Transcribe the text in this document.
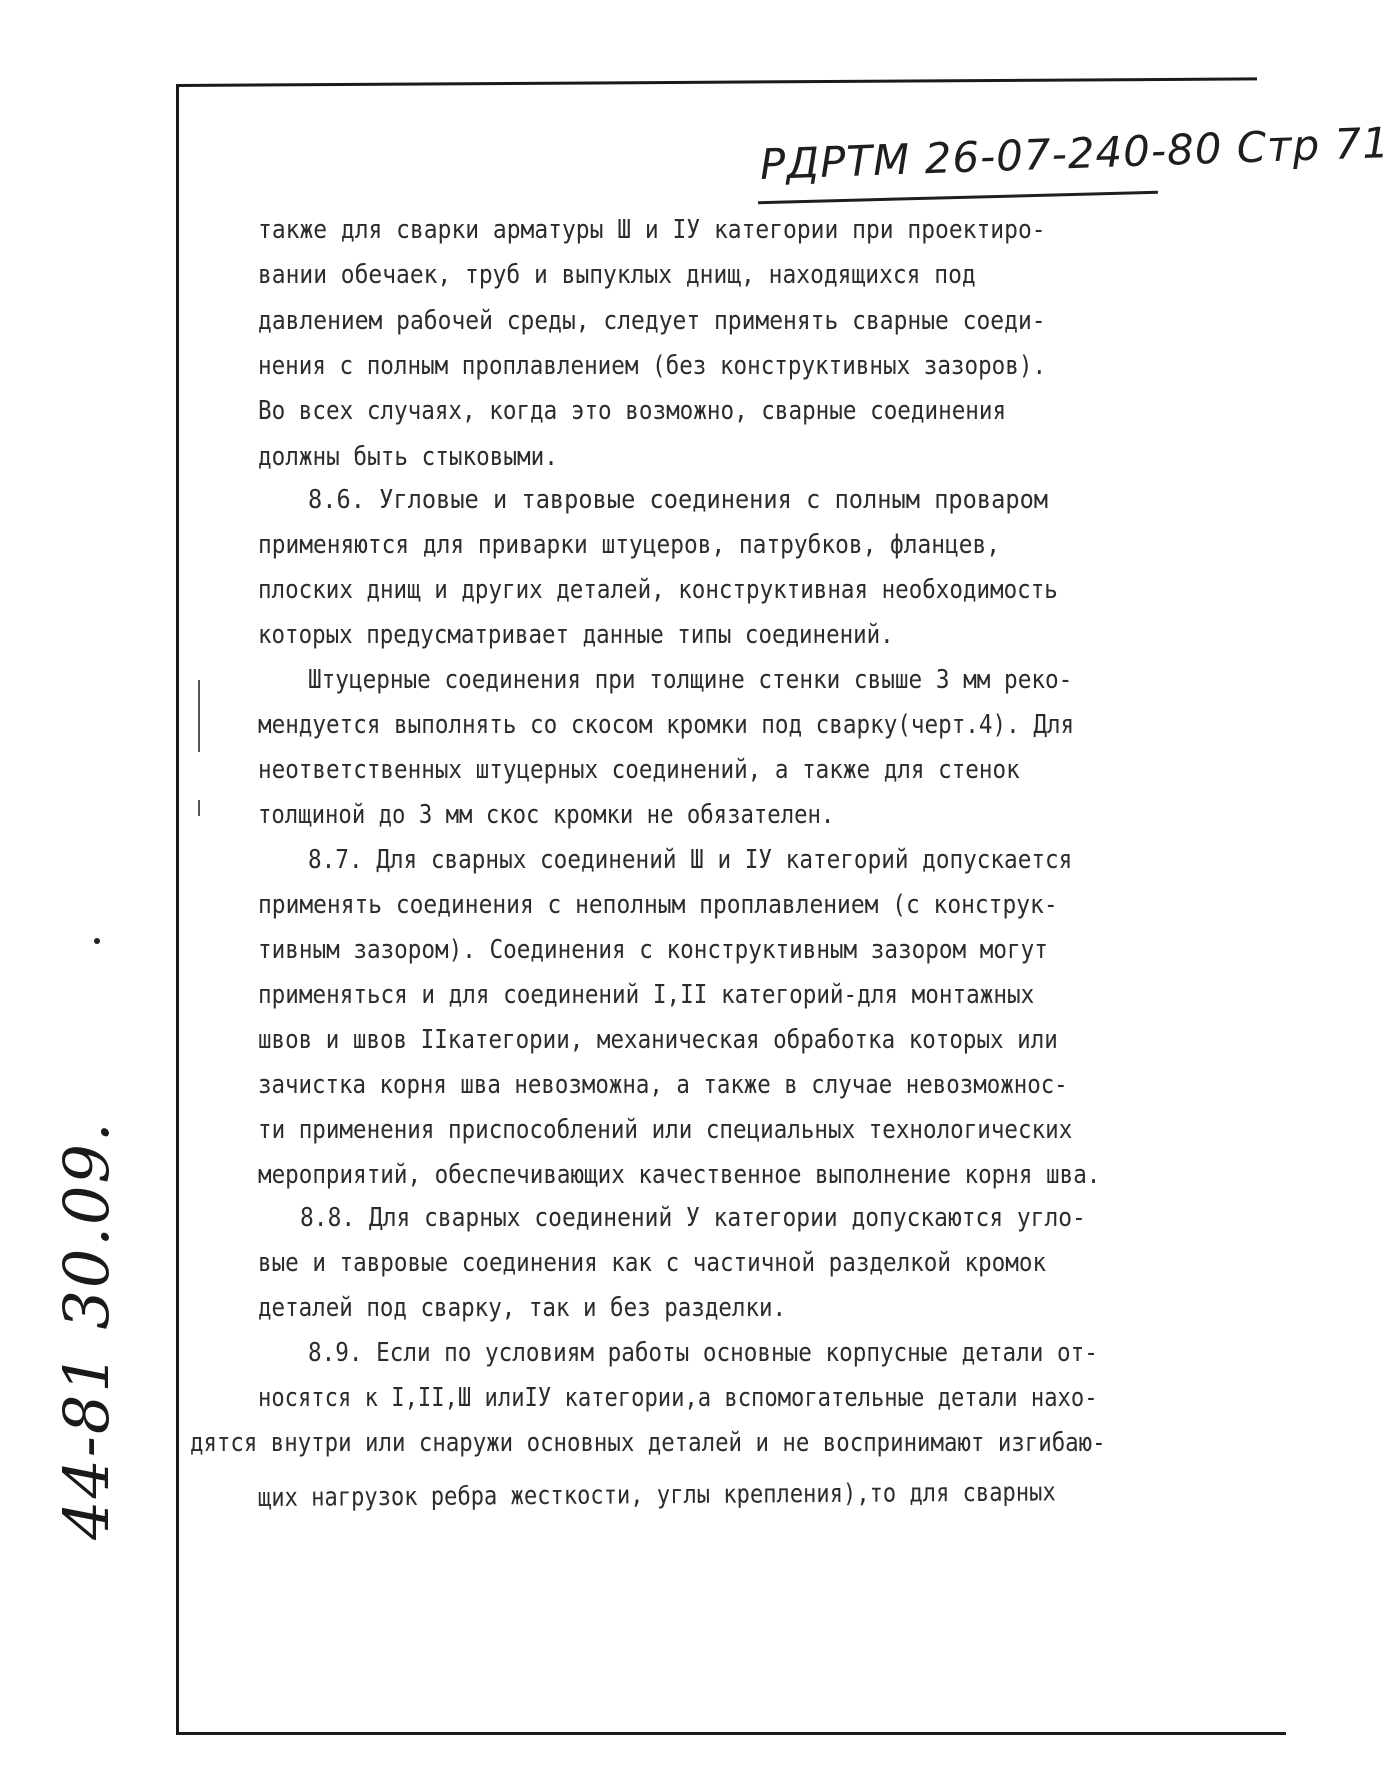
РДРТМ 26-07-240-80 Стр 71
44-81 30.09.
также для сварки арматуры Ш и IУ категории при проектиро-
вании обечаек, труб и выпуклых днищ, находящихся под
давлением рабочей среды, следует применять сварные соеди-
нения с полным проплавлением (без конструктивных зазоров).
Во всех случаях, когда это возможно, сварные соединения
должны быть стыковыми.
8.6. Угловые и тавровые соединения с полным проваром
применяются для приварки штуцеров, патрубков, фланцев,
плоских днищ и других деталей, конструктивная необходимость
которых предусматривает данные типы соединений.
Штуцерные соединения при толщине стенки свыше 3 мм реко-
мендуется выполнять со скосом кромки под сварку(черт.4). Для
неответственных штуцерных соединений, а также для стенок
толщиной до 3 мм скос кромки не обязателен.
8.7. Для сварных соединений Ш и IУ категорий допускается
применять соединения с неполным проплавлением (с конструк-
тивным зазором). Соединения с конструктивным зазором могут
применяться и для соединений I,II категорий-для монтажных
швов и швов IIкатегории, механическая обработка которых или
зачистка корня шва невозможна, а также в случае невозможнос-
ти применения приспособлений или специальных технологических
мероприятий, обеспечивающих качественное выполнение корня шва.
8.8. Для сварных соединений У категории допускаются угло-
вые и тавровые соединения как с частичной разделкой кромок
деталей под сварку, так и без разделки.
8.9. Если по условиям работы основные корпусные детали от-
носятся к I,II,Ш илиIУ категории,а вспомогательные детали нахо-
дятся внутри или снаружи основных деталей и не воспринимают изгибаю-
щих нагрузок ребра жесткости, углы крепления),то для сварных
